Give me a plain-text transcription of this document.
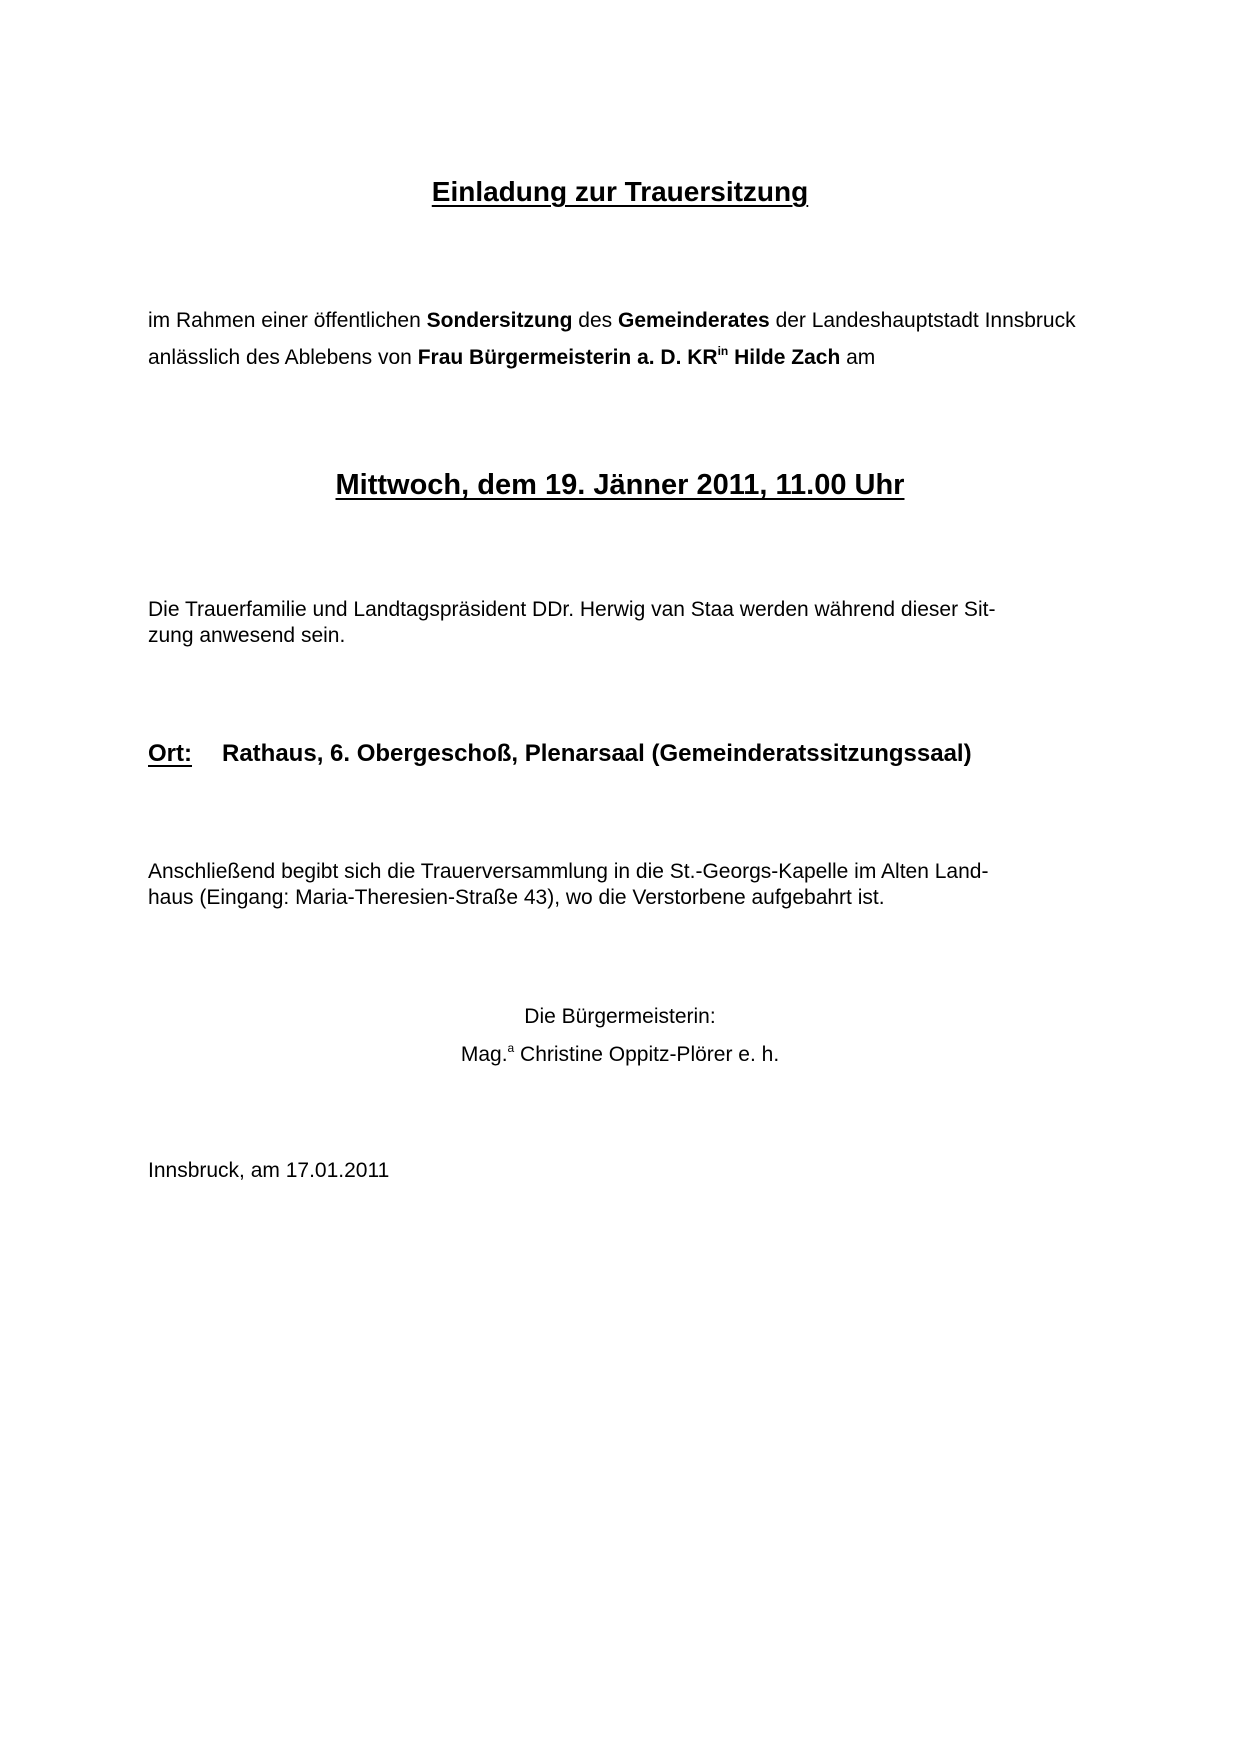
Einladung zur Trauersitzung
im Rahmen einer öffentlichen Sondersitzung des Gemeinderates der Landeshauptstadt Innsbruck anlässlich des Ablebens von Frau Bürgermeisterin a. D. $KR^{in}$ Hilde Zach am
Mittwoch, dem 19. Jänner 2011, 11.00 Uhr
Die Trauerfamilie und Landtagspräsident DDr. Herwig van Staa werden während dieser Sit-
zung anwesend sein.
Ort: Rathaus, 6. Obergeschoß, Plenarsaal (Gemeinderatssitzungssaal)
Anschließend begibt sich die Trauerversammlung in die St.-Georgs-Kapelle im Alten Land-
haus (Eingang: Maria-Theresien-Straße 43), wo die Verstorbene aufgebahrt ist.
Die Bürgermeisterin:
Mag.$^a$ Christine Oppitz-Plörer e. h.
Innsbruck, am 17.01.2011
